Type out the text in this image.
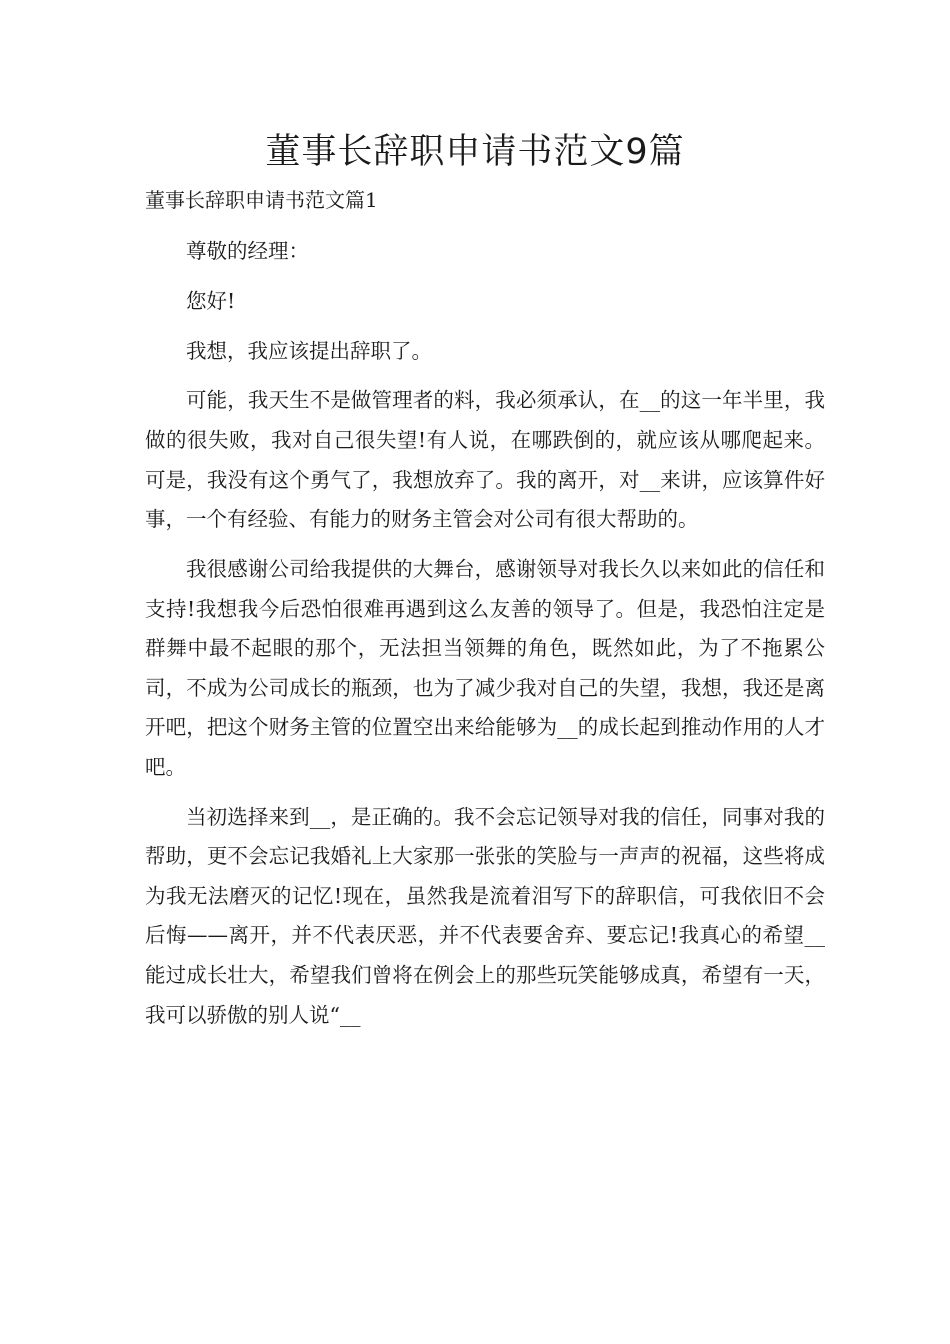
董事长辞职申请书范文9篇
董事长辞职申请书范文篇1

尊敬的经理：

您好!

我想，我应该提出辞职了。

可能，我天生不是做管理者的料，我必须承认，在__的这一年半里，我做的很失败，我对自己很失望!有人说，在哪跌倒的，就应该从哪爬起来。可是，我没有这个勇气了，我想放弃了。我的离开，对__来讲，应该算件好事，一个有经验、有能力的财务主管会对公司有很大帮助的。

我很感谢公司给我提供的大舞台，感谢领导对我长久以来如此的信任和支持!我想我今后恐怕很难再遇到这么友善的领导了。但是，我恐怕注定是群舞中最不起眼的那个，无法担当领舞的角色，既然如此，为了不拖累公司，不成为公司成长的瓶颈，也为了减少我对自己的失望，我想，我还是离开吧，把这个财务主管的位置空出来给能够为__的成长起到推动作用的人才吧。

当初选择来到__，是正确的。我不会忘记领导对我的信任，同事对我的帮助，更不会忘记我婚礼上大家那一张张的笑脸与一声声的祝福，这些将成为我无法磨灭的记忆!现在，虽然我是流着泪写下的辞职信，可我依旧不会后悔——离开，并不代表厌恶，并不代表要舍弃、要忘记!我真心的希望__能过成长壮大，希望我们曾将在例会上的那些玩笑能够成真，希望有一天，我可以骄傲的别人说“__
